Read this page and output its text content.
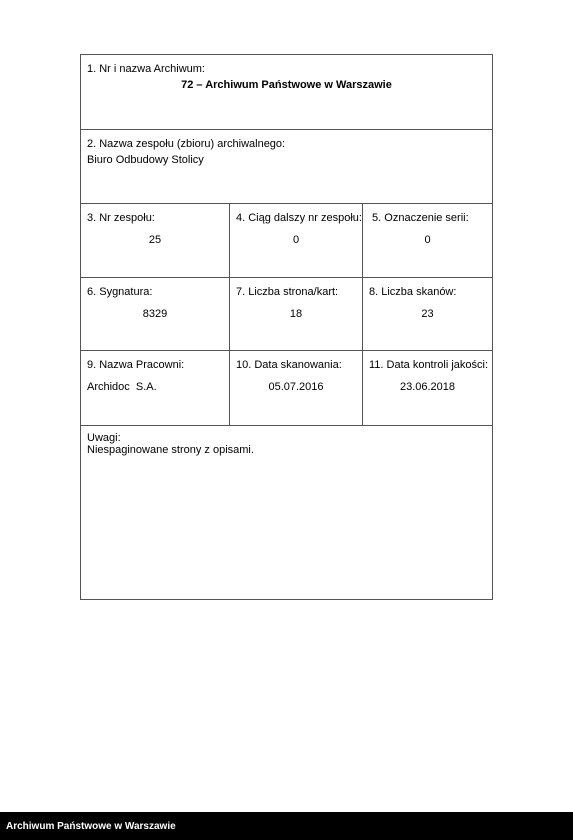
1. Nr i nazwa Archiwum:
72 – Archiwum Państwowe w Warszawie
2. Nazwa zespołu (zbioru) archiwalnego:
Biuro Odbudowy Stolicy
3. Nr zespołu:
25
4. Ciąg dalszy nr zespołu:
0
5. Oznaczenie serii:
0
6. Sygnatura:
8329
7. Liczba strona/kart:
18
8. Liczba skanów:
23
9. Nazwa Pracowni:
Archidoc  S.A.
10. Data skanowania:
05.07.2016
11. Data kontroli jakości:
23.06.2018
Uwagi:
Niespaginowane strony z opisami.
Archiwum Państwowe w Warszawie
